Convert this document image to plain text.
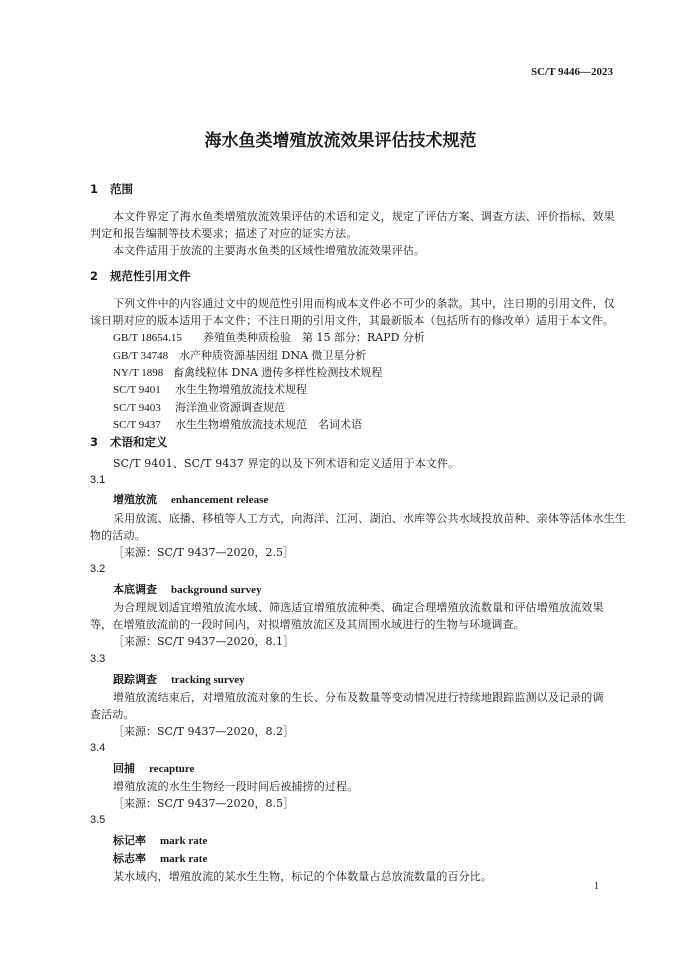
SC/T 9446—2023
海水鱼类增殖放流效果评估技术规范
1 范围
本文件界定了海水鱼类增殖放流效果评估的术语和定义，规定了评估方案、调查方法、评价指标、效果
判定和报告编制等技术要求；描述了对应的证实方法。
本文件适用于放流的主要海水鱼类的区域性增殖放流效果评估。
2 规范性引用文件
下列文件中的内容通过文中的规范性引用而构成本文件必不可少的条款。其中，注日期的引用文件，仅
该日期对应的版本适用于本文件；不注日期的引用文件，其最新版本（包括所有的修改单）适用于本文件。
GB/T 18654.15 养殖鱼类种质检验　第 15 部分：RAPD 分析
GB/T 34748 水产种质资源基因组 DNA 微卫星分析
NY/T 1898 畜禽线粒体 DNA 遗传多样性检测技术规程
SC/T 9401 水生生物增殖放流技术规程
SC/T 9403 海洋渔业资源调查规范
SC/T 9437 水生生物增殖放流技术规范　名词术语
3 术语和定义
SC/T 9401、SC/T 9437 界定的以及下列术语和定义适用于本文件。
3.1
增殖放流 enhancement release
采用放流、底播、移植等人工方式，向海洋、江河、湖泊、水库等公共水域投放苗种、亲体等活体水生生
物的活动。
［来源：SC/T 9437—2020，2.5］
3.2
本底调查 background survey
为合理规划适宜增殖放流水域、筛选适宜增殖放流种类、确定合理增殖放流数量和评估增殖放流效果
等，在增殖放流前的一段时间内，对拟增殖放流区及其周围水域进行的生物与环境调查。
［来源：SC/T 9437—2020，8.1］
3.3
跟踪调查 tracking survey
增殖放流结束后，对增殖放流对象的生长、分布及数量等变动情况进行持续地跟踪监测以及记录的调
查活动。
［来源：SC/T 9437—2020，8.2］
3.4
回捕 recapture
增殖放流的水生生物经一段时间后被捕捞的过程。
［来源：SC/T 9437—2020，8.5］
3.5
标记率 mark rate
标志率 mark rate
某水域内，增殖放流的某水生生物，标记的个体数量占总放流数量的百分比。
1
